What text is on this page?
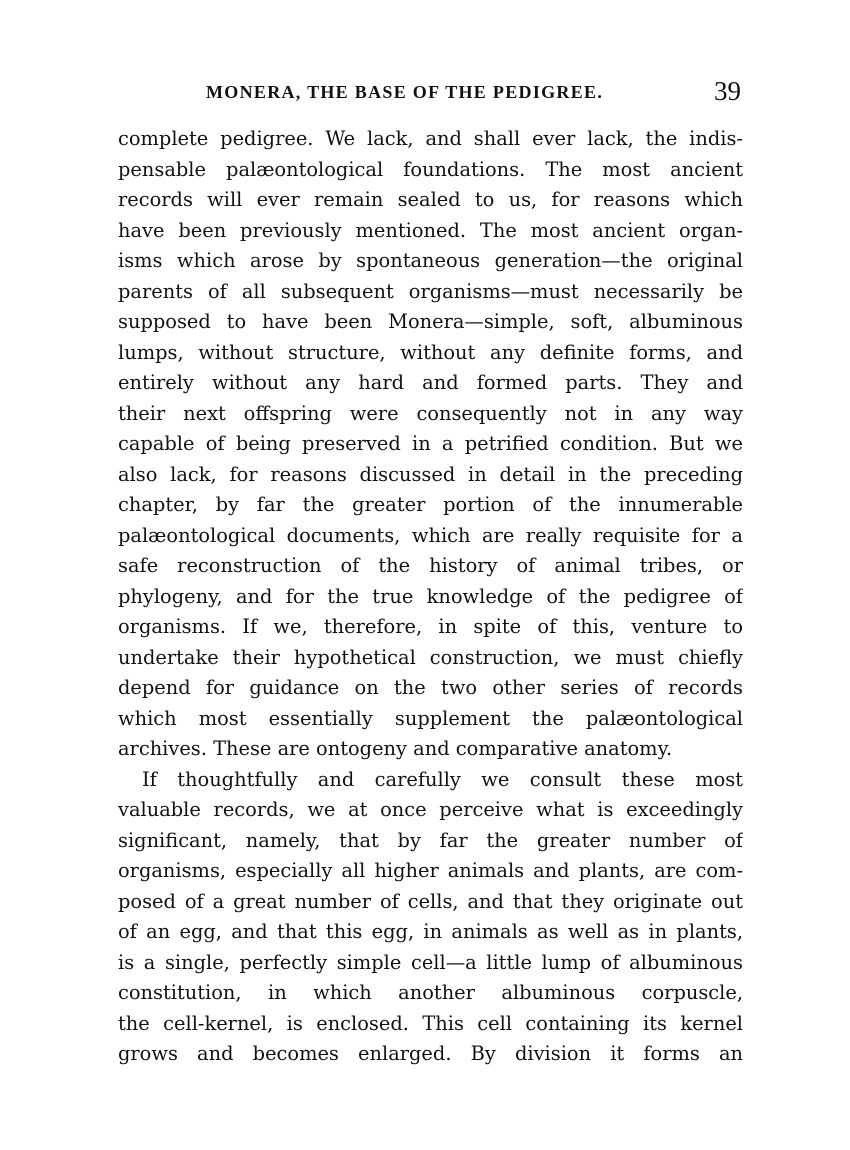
MONERA, THE BASE OF THE PEDIGREE.	39
complete pedigree. We lack, and shall ever lack, the indis-
pensable palæontological foundations. The most ancient
records will ever remain sealed to us, for reasons which
have been previously mentioned. The most ancient organ-
isms which arose by spontaneous generation—the original
parents of all subsequent organisms—must necessarily be
supposed to have been Monera—simple, soft, albuminous
lumps, without structure, without any definite forms, and
entirely without any hard and formed parts. They and
their next offspring were consequently not in any way
capable of being preserved in a petrified condition. But we
also lack, for reasons discussed in detail in the preceding
chapter, by far the greater portion of the innumerable
palæontological documents, which are really requisite for a
safe reconstruction of the history of animal tribes, or
phylogeny, and for the true knowledge of the pedigree of
organisms. If we, therefore, in spite of this, venture to
undertake their hypothetical construction, we must chiefly
depend for guidance on the two other series of records
which most essentially supplement the palæontological
archives. These are ontogeny and comparative anatomy.
If thoughtfully and carefully we consult these most
valuable records, we at once perceive what is exceedingly
significant, namely, that by far the greater number of
organisms, especially all higher animals and plants, are com-
posed of a great number of cells, and that they originate out
of an egg, and that this egg, in animals as well as in plants,
is a single, perfectly simple cell—a little lump of albuminous
constitution, in which another albuminous corpuscle,
the cell-kernel, is enclosed. This cell containing its kernel
grows and becomes enlarged. By division it forms an
